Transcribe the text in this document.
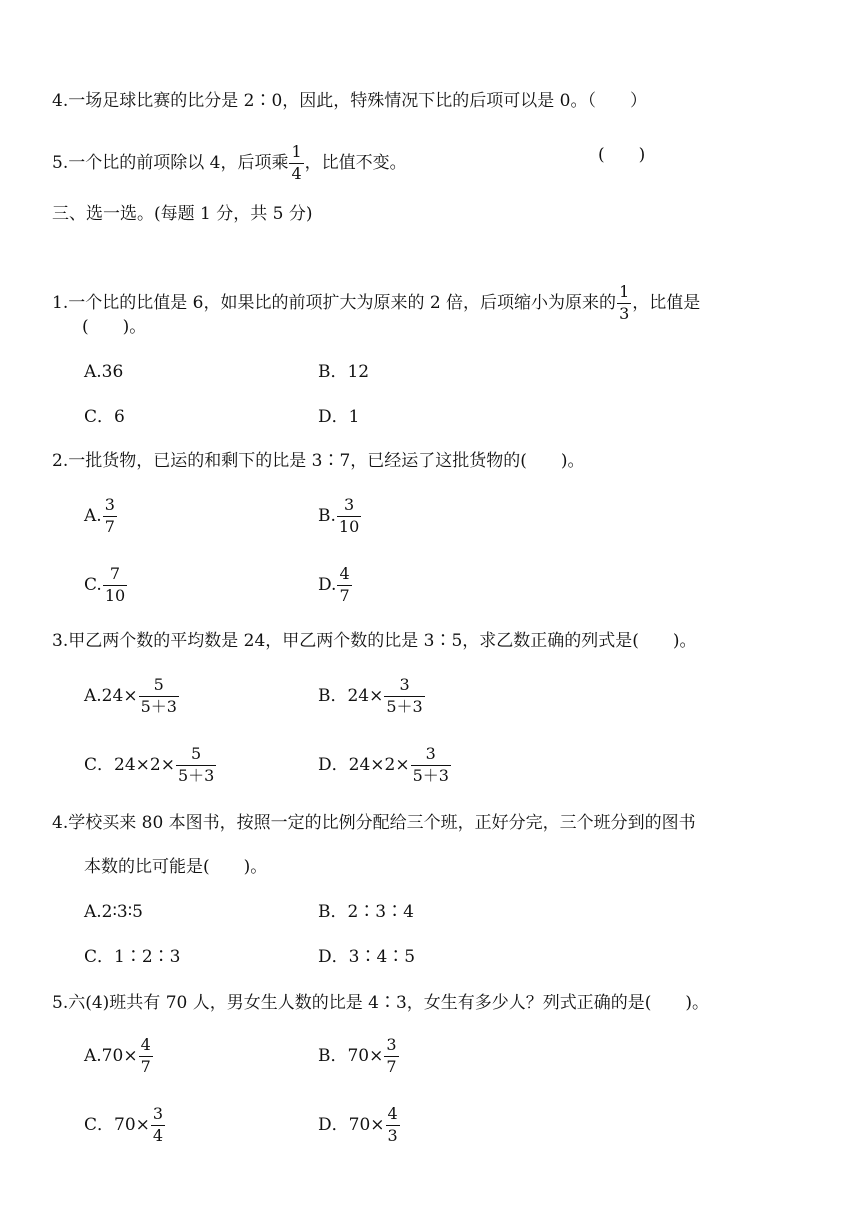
4.一场足球比赛的比分是 2∶0，因此，特殊情况下比的后项可以是 0。（　　）
5.一个比的前项除以 4，后项乘 $\frac{1}{4}$ ，比值不变。	(　　)
三、选一选。(每题 1 分，共 5 分)
1.一个比的比值是 6，如果比的前项扩大为原来的 2 倍，后项缩小为原来的 $\frac{1}{3}$ ，比值是
(　　)。
A.36	B．12
C．6	D．1
2.一批货物，已运的和剩下的比是 3∶7，已经运了这批货物的(　　)。
A. $\frac{3}{7}$	B. $\frac{3}{10}$
C. $\frac{7}{10}$	D. $\frac{4}{7}$
3.甲乙两个数的平均数是 24，甲乙两个数的比是 3∶5，求乙数正确的列式是(　　)。
$A.24\times \frac{5}{5+3}$	B．$24\times \frac{3}{5+3}$
C．$24\times 2\times \frac{5}{5+3}$	D．$24\times 2\times \frac{3}{5+3}$
4.学校买来 80 本图书，按照一定的比例分配给三个班，正好分完，三个班分到的图书
本数的比可能是(　　)。
A.2∶3∶5	B．2∶3∶4
C．1∶2∶3	D．3∶4∶5
5.六(4)班共有 70 人，男女生人数的比是 4∶3，女生有多少人？列式正确的是(　　)。
$A.70\times \frac{4}{7}$	B．$70\times \frac{3}{7}$
C．$70\times \frac{3}{4}$	D．$70\times \frac{4}{3}$
